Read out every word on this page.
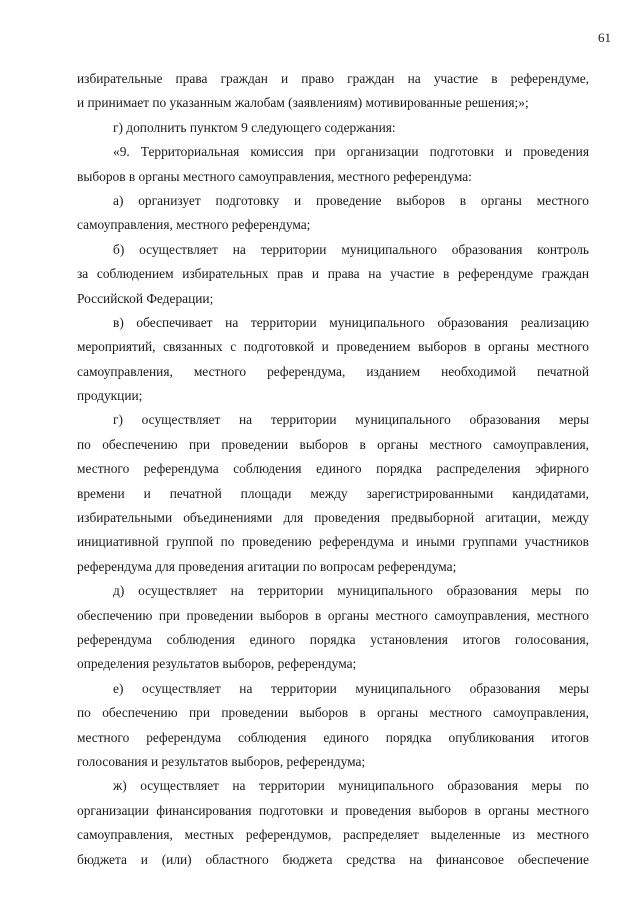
61
избирательные права граждан и право граждан на участие в референдуме,
и принимает по указанным жалобам (заявлениям) мотивированные решения;»;
г) дополнить пунктом 9 следующего содержания:
«9. Территориальная комиссия при организации подготовки и проведения
выборов в органы местного самоуправления, местного референдума:
а) организует подготовку и проведение выборов в органы местного
самоуправления, местного референдума;
б) осуществляет на территории муниципального образования контроль
за соблюдением избирательных прав и права на участие в референдуме граждан
Российской Федерации;
в) обеспечивает на территории муниципального образования реализацию
мероприятий, связанных с подготовкой и проведением выборов в органы местного
самоуправления, местного референдума, изданием необходимой печатной
продукции;
г) осуществляет на территории муниципального образования меры
по обеспечению при проведении выборов в органы местного самоуправления,
местного референдума соблюдения единого порядка распределения эфирного
времени и печатной площади между зарегистрированными кандидатами,
избирательными объединениями для проведения предвыборной агитации, между
инициативной группой по проведению референдума и иными группами участников
референдума для проведения агитации по вопросам референдума;
д) осуществляет на территории муниципального образования меры по
обеспечению при проведении выборов в органы местного самоуправления, местного
референдума соблюдения единого порядка установления итогов голосования,
определения результатов выборов, референдума;
е) осуществляет на территории муниципального образования меры
по обеспечению при проведении выборов в органы местного самоуправления,
местного референдума соблюдения единого порядка опубликования итогов
голосования и результатов выборов, референдума;
ж) осуществляет на территории муниципального образования меры по
организации финансирования подготовки и проведения выборов в органы местного
самоуправления, местных референдумов, распределяет выделенные из местного
бюджета и (или) областного бюджета средства на финансовое обеспечение
